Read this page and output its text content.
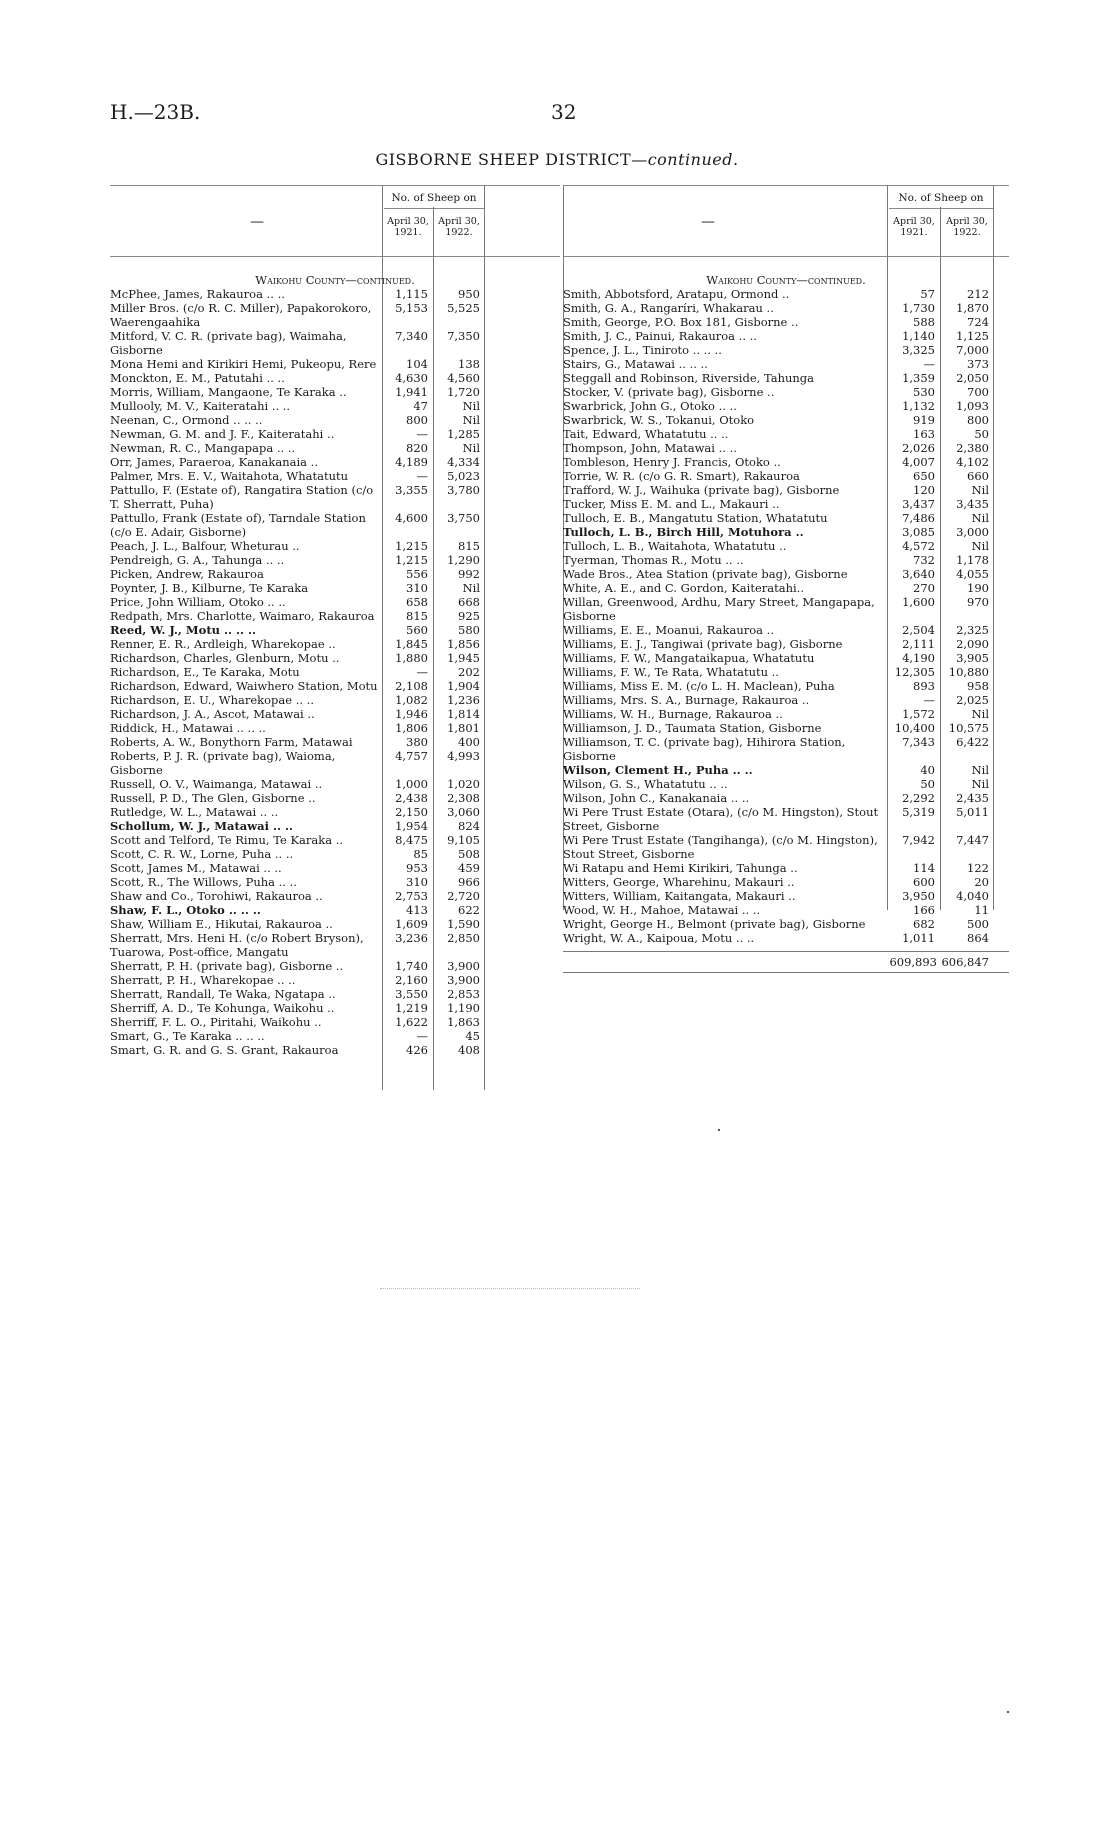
H.—23B.	32
GISBORNE SHEEP DISTRICT—continued.
—
No. of Sheep on
April 30, 1921.
April 30, 1922.
Waikohu County—continued.
McPhee, James, Rakauroa .. ..	1,115	950
Miller Bros. (c/o R. C. Miller), Papakorokoro, Waerengaahika
5,153	5,525
Mitford, V. C. R. (private bag), Waimaha, Gisborne
7,340	7,350
Mona Hemi and Kirikiri Hemi, Pukeopu, Rere	104	138
Monckton, E. M., Patutahi .. ..	4,630	4,560
Morris, William, Mangaone, Te Karaka ..	1,941	1,720
Mullooly, M. V., Kaiteratahi .. ..	47	Nil
Neenan, C., Ormond .. .. ..	800	Nil
Newman, G. M. and J. F., Kaiteratahi ..	—	1,285
Newman, R. C., Mangapapa .. ..	820	Nil
Orr, James, Paraeroa, Kanakanaia ..	4,189	4,334
Palmer, Mrs. E. V., Waitahota, Whatatutu	—	5,023
Pattullo, F. (Estate of), Rangatira Station (c/o T. Sherratt, Puha)
3,355	3,780
Pattullo, Frank (Estate of), Tarndale Station (c/o E. Adair, Gisborne)
4,600	3,750
Peach, J. L., Balfour, Wheturau ..	1,215	815
Pendreigh, G. A., Tahunga .. ..	1,215	1,290
Picken, Andrew, Rakauroa	556	992
Poynter, J. B., Kilburne, Te Karaka	310	Nil
Price, John William, Otoko .. ..	658	668
Redpath, Mrs. Charlotte, Waimaro, Rakauroa	815	925
Reed, W. J., Motu .. .. ..	560	580
Renner, E. R., Ardleigh, Wharekopae ..	1,845	1,856
Richardson, Charles, Glenburn, Motu ..	1,880	1,945
Richardson, E., Te Karaka, Motu	—	202
Richardson, Edward, Waiwhero Station, Motu	2,108	1,904
Richardson, E. U., Wharekopae .. ..	1,082	1,236
Richardson, J. A., Ascot, Matawai ..	1,946	1,814
Riddick, H., Matawai .. .. ..	1,806	1,801
Roberts, A. W., Bonythorn Farm, Matawai	380	400
Roberts, P. J. R. (private bag), Waioma, Gisborne
4,757	4,993
Russell, O. V., Waimanga, Matawai ..	1,000	1,020
Russell, P. D., The Glen, Gisborne ..	2,438	2,308
Rutledge, W. L., Matawai .. ..	2,150	3,060
Schollum, W. J., Matawai .. ..	1,954	824
Scott and Telford, Te Rimu, Te Karaka ..	8,475	9,105
Scott, C. R. W., Lorne, Puha .. ..	85	508
Scott, James M., Matawai .. ..	953	459
Scott, R., The Willows, Puha .. ..	310	966
Shaw and Co., Torohiwi, Rakauroa ..	2,753	2,720
Shaw, F. L., Otoko .. .. ..	413	622
Shaw, William E., Hikutai, Rakauroa ..	1,609	1,590
Sherratt, Mrs. Heni H. (c/o Robert Bryson), Tuarowa, Post-office, Mangatu
3,236	2,850
Sherratt, P. H. (private bag), Gisborne ..	1,740	3,900
Sherratt, P. H., Wharekopae .. ..	2,160	3,900
Sherratt, Randall, Te Waka, Ngatapa ..	3,550	2,853
Sherriff, A. D., Te Kohunga, Waikohu ..	1,219	1,190
Sherriff, F. L. O., Piritahi, Waikohu ..	1,622	1,863
Smart, G., Te Karaka .. .. ..	—	45
Smart, G. R. and G. S. Grant, Rakauroa	426	408
—
No. of Sheep on
April 30, 1921.
April 30, 1922.
Waikohu County—continued.
Smith, Abbotsford, Aratapu, Ormond ..	57	212
Smith, G. A., Rangaríri, Whakarau ..	1,730	1,870
Smith, George, P.O. Box 181, Gisborne ..	588	724
Smith, J. C., Painui, Rakauroa .. ..	1,140	1,125
Spence, J. L., Tiniroto .. .. ..	3,325	7,000
Stairs, G., Matawai .. .. ..	—	373
Steggall and Robinson, Riverside, Tahunga	1,359	2,050
Stocker, V. (private bag), Gisborne ..	530	700
Swarbrick, John G., Otoko .. ..	1,132	1,093
Swarbrick, W. S., Tokanui, Otoko	919	800
Tait, Edward, Whatatutu .. ..	163	50
Thompson, John, Matawai .. ..	2,026	2,380
Tombleson, Henry J. Francis, Otoko ..	4,007	4,102
Torrie, W. R. (c/o G. R. Smart), Rakauroa	650	660
Trafford, W. J., Waihuka (private bag), Gisborne	120	Nil
Tucker, Miss E. M. and L., Makauri ..	3,437	3,435
Tulloch, E. B., Mangatutu Station, Whatatutu	7,486	Nil
Tulloch, L. B., Birch Hill, Motuhora ..	3,085	3,000
Tulloch, L. B., Waitahota, Whatatutu ..	4,572	Nil
Tyerman, Thomas R., Motu .. ..	732	1,178
Wade Bros., Atea Station (private bag), Gisborne	3,640	4,055
White, A. E., and C. Gordon, Kaiteratahi..	270	190
Willan, Greenwood, Ardhu, Mary Street, Mangapapa, Gisborne
1,600	970
Williams, E. E., Moanui, Rakauroa ..	2,504	2,325
Williams, E. J., Tangiwai (private bag), Gisborne	2,111	2,090
Williams, F. W., Mangataikapua, Whatatutu	4,190	3,905
Williams, F. W., Te Rata, Whatatutu ..	12,305	10,880
Williams, Miss E. M. (c/o L. H. Maclean), Puha	893	958
Williams, Mrs. S. A., Burnage, Rakauroa ..	—	2,025
Williams, W. H., Burnage, Rakauroa ..	1,572	Nil
Williamson, J. D., Taumata Station, Gisborne	10,400	10,575
Williamson, T. C. (private bag), Hihirora Station, Gisborne
7,343	6,422
Wilson, Clement H., Puha .. ..	40	Nil
Wilson, G. S., Whatatutu .. ..	50	Nil
Wilson, John C., Kanakanaia .. ..	2,292	2,435
Wi Pere Trust Estate (Otara), (c/o M. Hingston), Stout Street, Gisborne
5,319	5,011
Wi Pere Trust Estate (Tangihanga), (c/o M. Hingston), Stout Street, Gisborne
7,942	7,447
Wi Ratapu and Hemi Kirikiri, Tahunga ..	114	122
Witters, George, Wharehinu, Makauri ..	600	20
Witters, William, Kaitangata, Makauri ..	3,950	4,040
Wood, W. H., Mahoe, Matawai .. ..	166	11
Wright, George H., Belmont (private bag), Gisborne	682	500
Wright, W. A., Kaipoua, Motu .. ..	1,011	864
609,893 606,847
